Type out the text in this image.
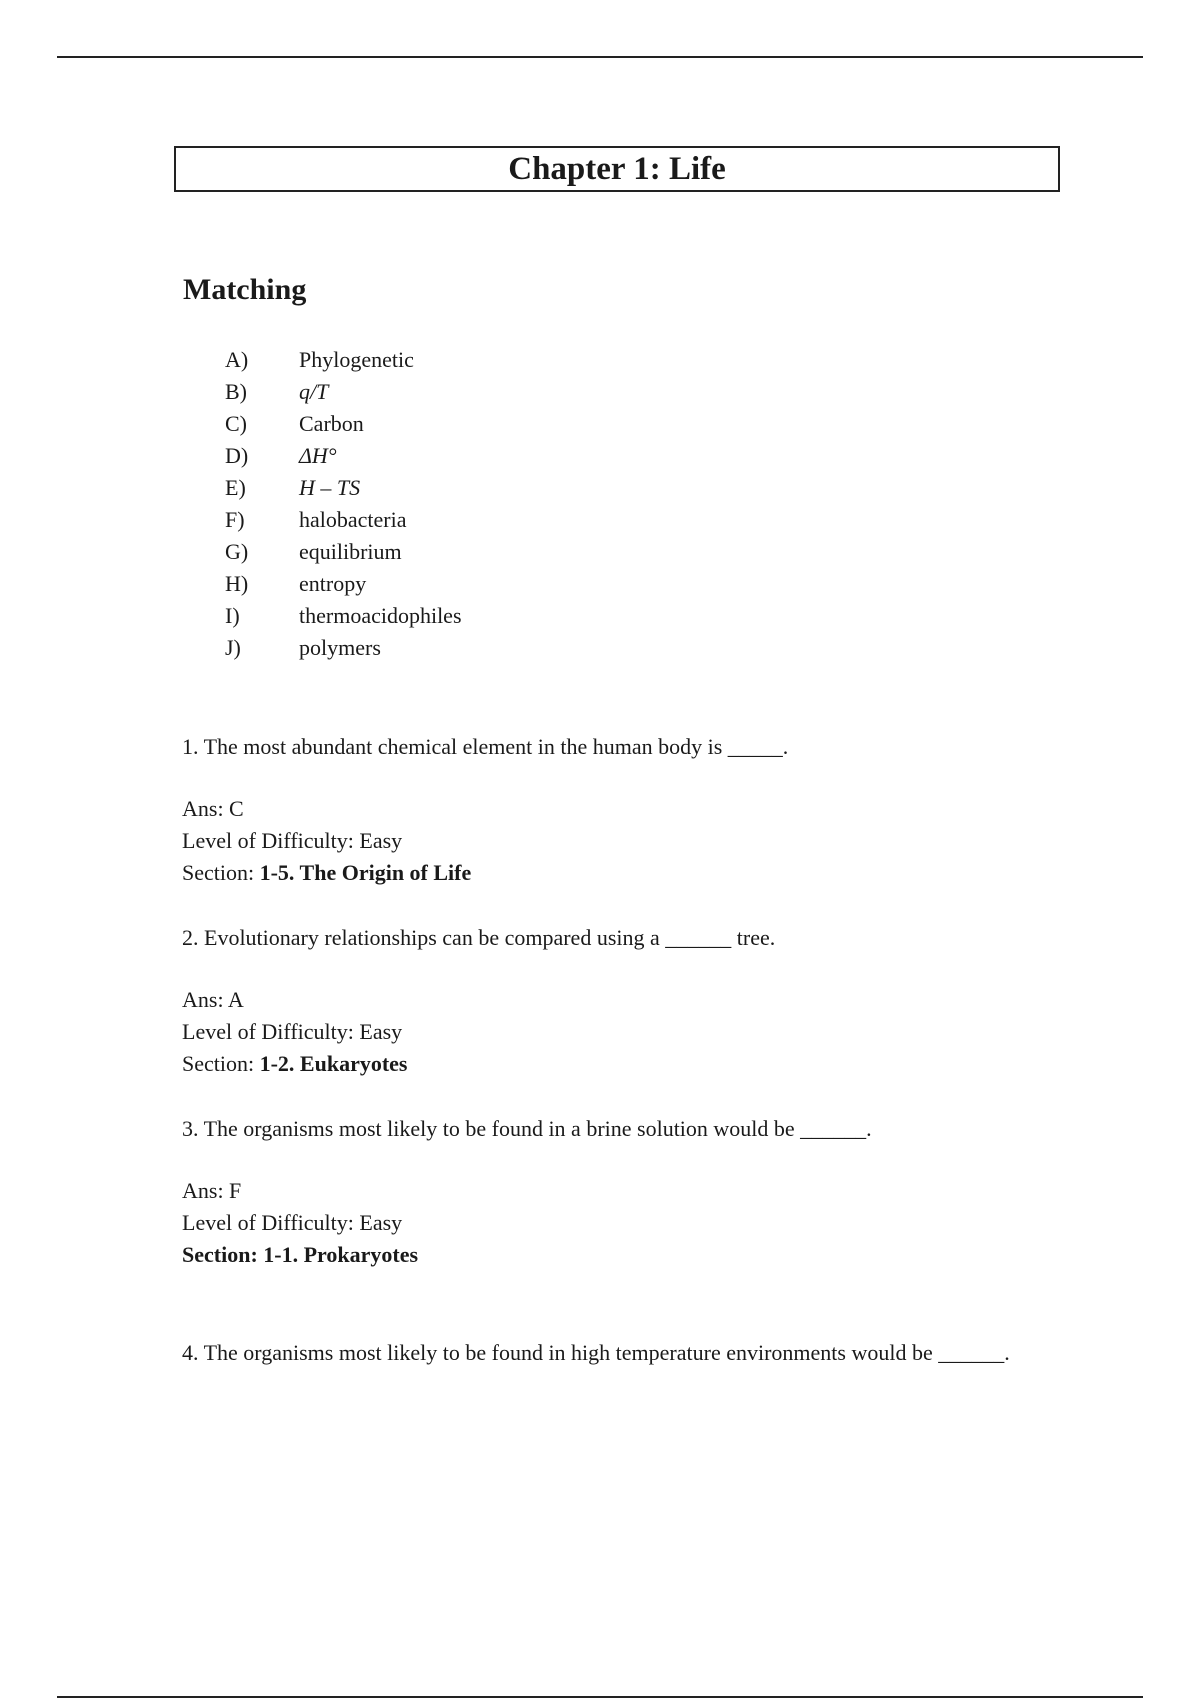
Chapter 1: Life
Matching
A)	Phylogenetic
B)	q/T
C)	Carbon
D)	ΔH°
E)	H – TS
F)	halobacteria
G)	equilibrium
H)	entropy
I)	thermoacidophiles
J)	polymers

1. The most abundant chemical element in the human body is _____.

Ans: C

Level of Difficulty: Easy

Section: 1-5. The Origin of Life

2. Evolutionary relationships can be compared using a ______ tree.

Ans: A

Level of Difficulty: Easy

Section: 1-2. Eukaryotes

3. The organisms most likely to be found in a brine solution would be ______.

Ans: F

Level of Difficulty: Easy

Section: 1-1. Prokaryotes

4. The organisms most likely to be found in high temperature environments would be ______.
